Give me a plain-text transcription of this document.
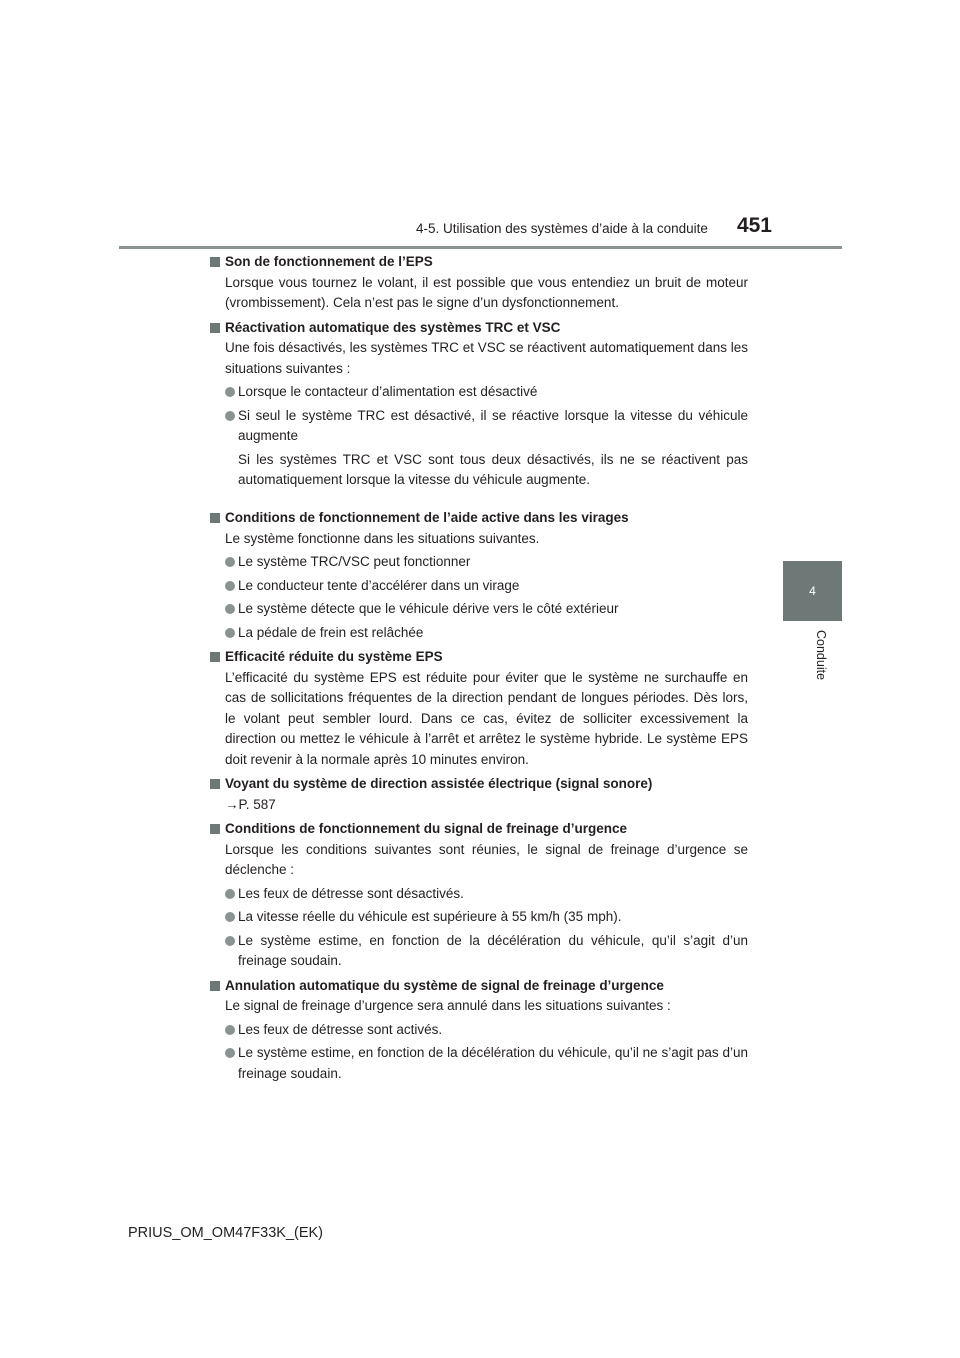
4-5. Utilisation des systèmes d’aide à la conduite	451
4
Conduite

Son de fonctionnement de l’EPS

Lorsque vous tournez le volant, il est possible que vous entendiez un bruit de moteur (vrombissement). Cela n’est pas le signe d’un dysfonctionnement.

Réactivation automatique des systèmes TRC et VSC

Une fois désactivés, les systèmes TRC et VSC se réactivent automatiquement dans les situations suivantes :

Lorsque le contacteur d’alimentation est désactivé
Si seul le système TRC est désactivé, il se réactive lorsque la vitesse du véhicule augmente

Si les systèmes TRC et VSC sont tous deux désactivés, ils ne se réactivent pas automatiquement lorsque la vitesse du véhicule augmente.

Conditions de fonctionnement de l’aide active dans les virages

Le système fonctionne dans les situations suivantes.

Le système TRC/VSC peut fonctionner
Le conducteur tente d’accélérer dans un virage
Le système détecte que le véhicule dérive vers le côté extérieur
La pédale de frein est relâchée

Efficacité réduite du système EPS

L’efficacité du système EPS est réduite pour éviter que le système ne surchauffe en cas de sollicitations fréquentes de la direction pendant de longues périodes. Dès lors, le volant peut sembler lourd. Dans ce cas, évitez de solliciter excessivement la direction ou mettez le véhicule à l’arrêt et arrêtez le système hybride. Le système EPS doit revenir à la normale après 10 minutes environ.

Voyant du système de direction assistée électrique (signal sonore)

→P. 587

Conditions de fonctionnement du signal de freinage d’urgence

Lorsque les conditions suivantes sont réunies, le signal de freinage d’urgence se déclenche :

Les feux de détresse sont désactivés.
La vitesse réelle du véhicule est supérieure à 55 km/h (35 mph).
Le système estime, en fonction de la décélération du véhicule, qu’il s’agit d’un freinage soudain.

Annulation automatique du système de signal de freinage d’urgence

Le signal de freinage d’urgence sera annulé dans les situations suivantes :

Les feux de détresse sont activés.
Le système estime, en fonction de la décélération du véhicule, qu’il ne s’agit pas d’un freinage soudain.
PRIUS_OM_OM47F33K_(EK)
